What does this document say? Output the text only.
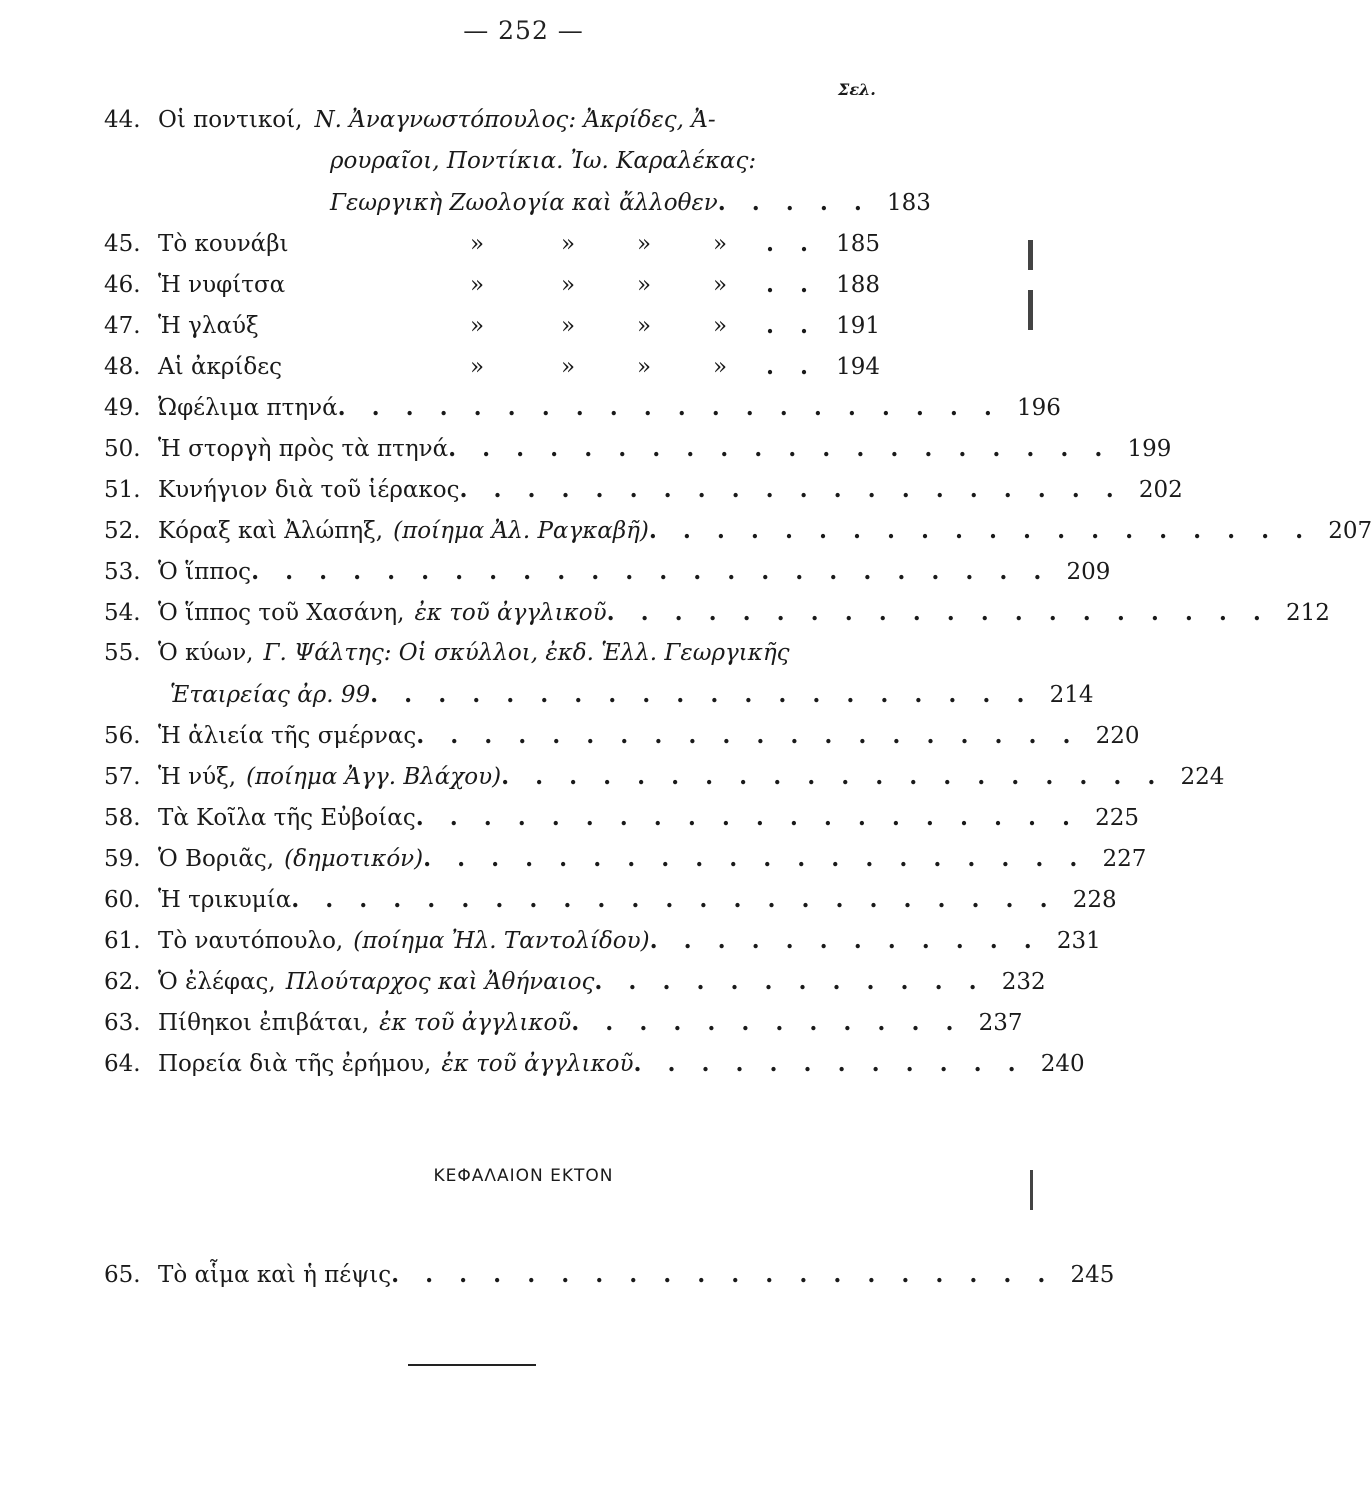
— 252 —
Σελ.
44. Οἱ ποντικοί, Ν. Ἀναγνωστόπουλος: Ἀκρίδες, Ἀ-
ρουραῖοι, Ποντίκια. Ἰω. Καραλέκας:
Γεωργικὴ Ζωολογία καὶ ἄλλοθεν . . . . . 183
45. Τὸ κουνάβι	»	»	»	»	. . 185
46. Ἡ νυφίτσα	»	»	»	»	. . 188
47. Ἡ γλαύξ	»	»	»	»	. . 191
48. Αἱ ἀκρίδες	»	»	»	»	. . 194
49. Ὠφέλιμα πτηνά . . . . . . . . . . . . . . . . . . . . 196
50. Ἡ στοργὴ πρὸς τὰ πτηνά . . . . . . . . . . . . . . . . . . . . 199
51. Κυνήγιον διὰ τοῦ ἱέρακος . . . . . . . . . . . . . . . . . . . . 202
52. Κόραξ καὶ Ἀλώπηξ, (ποίημα Ἀλ. Ραγκαβῆ) . . . . . . . . . . . . . . . . . . . . 207
53. Ὁ ἵππος . . . . . . . . . . . . . . . . . . . . . . . . 209
54. Ὁ ἵππος τοῦ Χασάνη, ἐκ τοῦ ἀγγλικοῦ . . . . . . . . . . . . . . . . . . . . 212
55. Ὁ κύων, Γ. Ψάλτης: Οἱ σκύλλοι, ἐκδ. Ἑλλ. Γεωργικῆς
Ἑταιρείας ἀρ. 99 . . . . . . . . . . . . . . . . . . . . 214
56. Ἡ ἁλιεία τῆς σμέρνας . . . . . . . . . . . . . . . . . . . . 220
57. Ἡ νύξ, (ποίημα Ἀγγ. Βλάχου) . . . . . . . . . . . . . . . . . . . . 224
58. Τὰ Κοῖλα τῆς Εὐβοίας . . . . . . . . . . . . . . . . . . . . 225
59. Ὁ Βοριᾶς, (δημοτικόν) . . . . . . . . . . . . . . . . . . . . 227
60. Ἡ τρικυμία . . . . . . . . . . . . . . . . . . . . . . . 228
61. Τὸ ναυτόπουλο, (ποίημα Ἠλ. Ταντολίδου) . . . . . . . . . . . . 231
62. Ὁ ἐλέφας, Πλούταρχος καὶ Ἀθήναιος . . . . . . . . . . . . 232
63. Πίθηκοι ἐπιβάται, ἐκ τοῦ ἀγγλικοῦ . . . . . . . . . . . . 237
64. Πορεία διὰ τῆς ἐρήμου, ἐκ τοῦ ἀγγλικοῦ . . . . . . . . . . . . 240
ΚΕΦΑΛΑΙΟΝ ΕΚΤΟΝ
65. Τὸ αἷμα καὶ ἡ πέψις . . . . . . . . . . . . . . . . . . . . 245
